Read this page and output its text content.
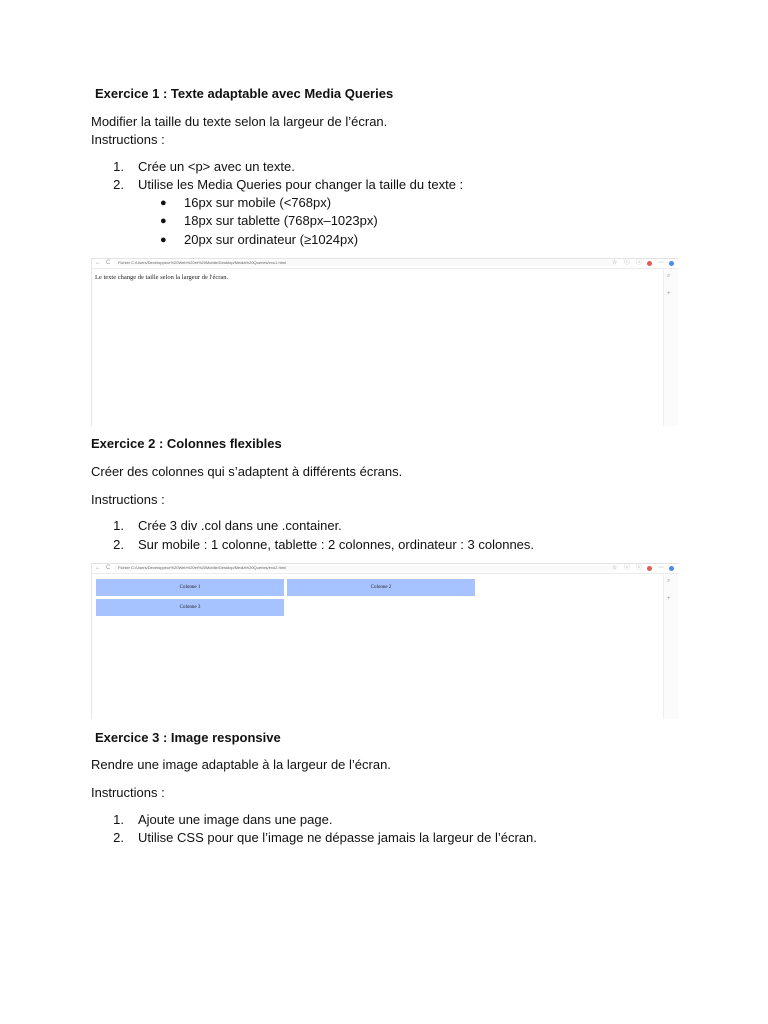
Exercice 1 : Texte adaptable avec Media Queries
Modifier la taille du texte selon la largeur de l’écran.
Instructions :
1. Crée un <p> avec un texte.
2. Utilise les Media Queries pour changer la taille du texte :
● 16px sur mobile (<768px)
● 18px sur tablette (768px–1023px)
● 20px sur ordinateur (≥1024px)
← C	Fichier C:/Users/Developpeur%20Web%20et%20Mobile/Desktop/Media%20Queries/exo1.html	☆ ⓘ ⓘ	⋯
⌕
+
Le texte change de taille selon la largeur de l'écran.
Exercice 2 : Colonnes flexibles
Créer des colonnes qui s’adaptent à différents écrans.
Instructions :
1. Crée 3 div .col dans une .container.
2. Sur mobile : 1 colonne, tablette : 2 colonnes, ordinateur : 3 colonnes.
← C	Fichier C:/Users/Developpeur%20Web%20et%20Mobile/Desktop/Media%20Queries/exo2.html	☆ ⓘ ⓘ	⋯
⌕
+
Colonne 1	Colonne 2
Colonne 3
Exercice 3 : Image responsive
Rendre une image adaptable à la largeur de l’écran.
Instructions :
1. Ajoute une image dans une page.
2. Utilise CSS pour que l’image ne dépasse jamais la largeur de l’écran.
